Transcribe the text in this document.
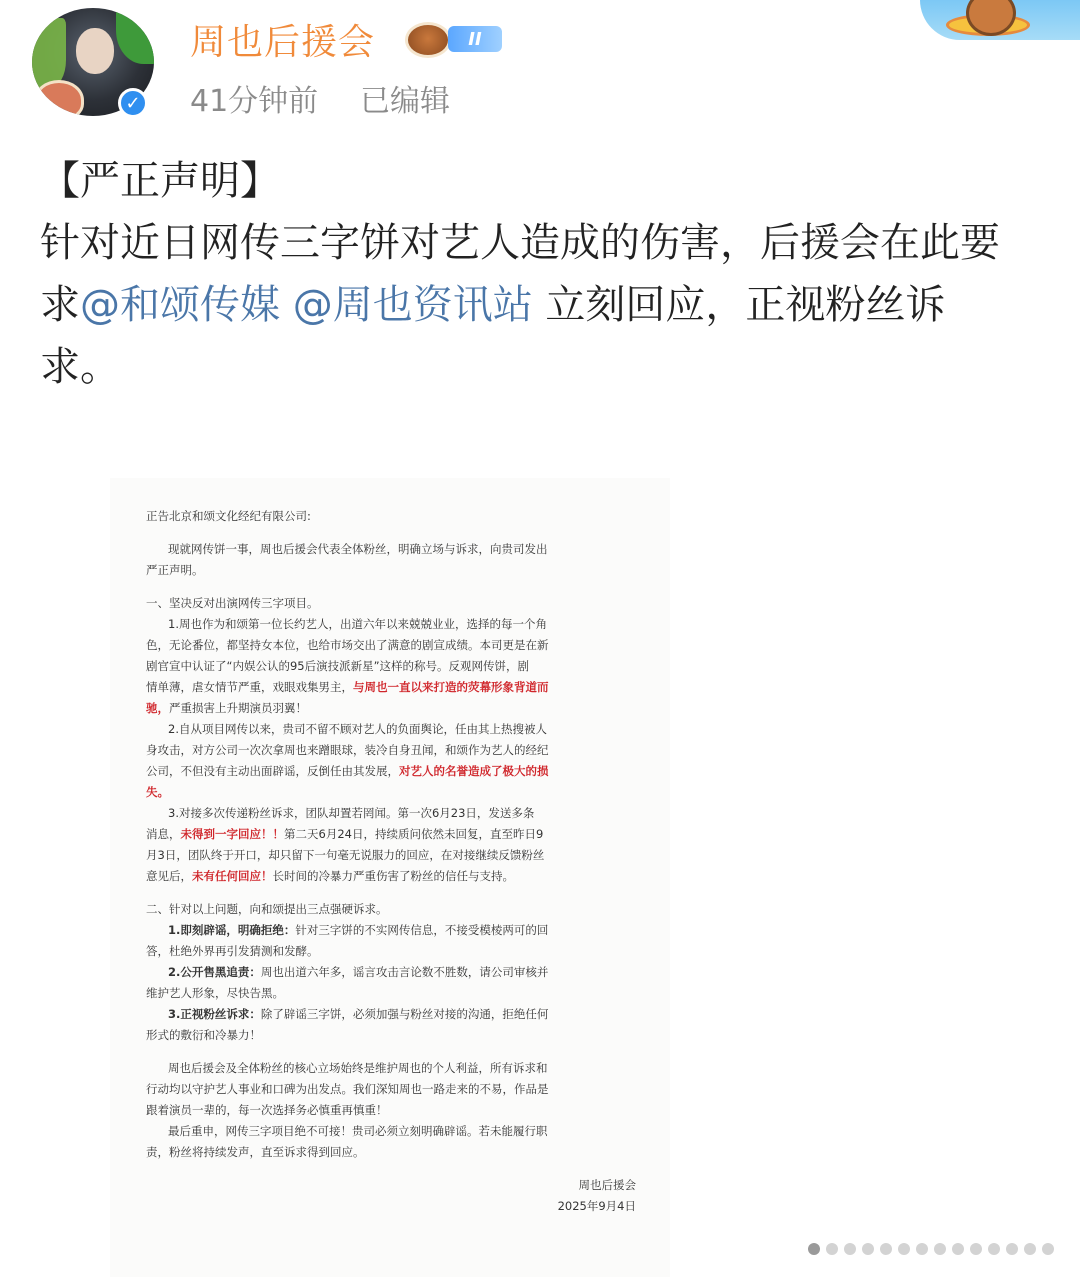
✓
周也后援会	II
41分钟前 已编辑

【严正声明】

针对近日网传三字饼对艺人造成的伤害，后援会在此要

求@和颂传媒 @周也资讯站 立刻回应，正视粉丝诉

求。

正告北京和颂文化经纪有限公司:
现就网传饼一事，周也后援会代表全体粉丝，明确立场与诉求，向贵司发出
严正声明。
一、坚决反对出演网传三字项目。
1.周也作为和颂第一位长约艺人，出道六年以来兢兢业业，选择的每一个角
色，无论番位，都坚持女本位，也给市场交出了满意的剧宣成绩。本司更是在新
剧官宣中认证了“内娱公认的95后演技派新星”这样的称号。反观网传饼，剧
情单薄，虐女情节严重，戏眼戏集男主，与周也一直以来打造的荧幕形象背道而
驰，严重损害上升期演员羽翼！
2.自从项目网传以来，贵司不留不顾对艺人的负面舆论，任由其上热搜被人
身攻击，对方公司一次次拿周也来蹭眼球，装冷自身丑闻，和颂作为艺人的经纪
公司，不但没有主动出面辟谣，反倒任由其发展，对艺人的名誉造成了极大的损
失。
3.对接多次传递粉丝诉求，团队却置若罔闻。第一次6月23日，发送多条
消息，未得到一字回应！！第二天6月24日，持续质问依然未回复，直至昨日9
月3日，团队终于开口，却只留下一句毫无说服力的回应，在对接继续反馈粉丝
意见后，未有任何回应！长时间的冷暴力严重伤害了粉丝的信任与支持。
二、针对以上问题，向和颂提出三点强硬诉求。
1.即刻辟谣，明确拒绝：针对三字饼的不实网传信息，不接受模棱两可的回
答，杜绝外界再引发猜测和发酵。
2.公开售黑追责：周也出道六年多，谣言攻击言论数不胜数，请公司审核并
维护艺人形象，尽快告黑。
3.正视粉丝诉求：除了辟谣三字饼，必须加强与粉丝对接的沟通，拒绝任何
形式的敷衍和冷暴力！
周也后援会及全体粉丝的核心立场始终是维护周也的个人利益，所有诉求和
行动均以守护艺人事业和口碑为出发点。我们深知周也一路走来的不易，作品是
跟着演员一辈的，每一次选择务必慎重再慎重！
最后重申，网传三字项目绝不可接！贵司必须立刻明确辟谣。若未能履行职
责，粉丝将持续发声，直至诉求得到回应。
周也后援会
2025年9月4日
